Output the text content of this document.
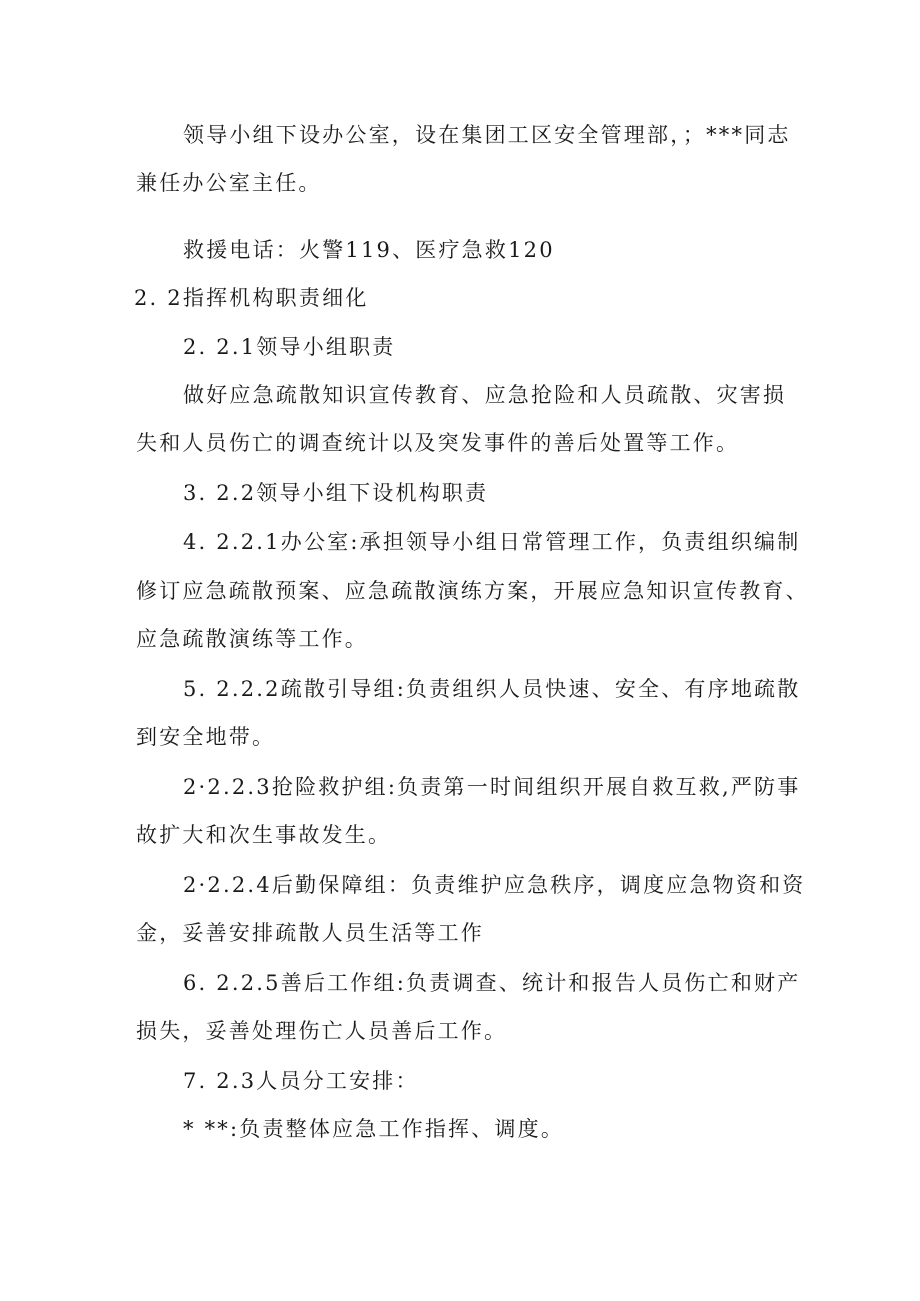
领导小组下设办公室，设在集团工区安全管理部，；***同志
兼任办公室主任。
救援电话：火警119、医疗急救120
2. 2指挥机构职责细化
2. 2.1领导小组职责
做好应急疏散知识宣传教育、应急抢险和人员疏散、灾害损
失和人员伤亡的调查统计以及突发事件的善后处置等工作。
3. 2.2领导小组下设机构职责
4. 2.2.1办公室:承担领导小组日常管理工作，负责组织编制
修订应急疏散预案、应急疏散演练方案，开展应急知识宣传教育、
应急疏散演练等工作。
5. 2.2.2疏散引导组:负责组织人员快速、安全、有序地疏散
到安全地带。
2·2.2.3抢险救护组:负责第一时间组织开展自救互救,严防事
故扩大和次生事故发生。
2·2.2.4后勤保障组：负责维护应急秩序，调度应急物资和资
金，妥善安排疏散人员生活等工作
6. 2.2.5善后工作组:负责调查、统计和报告人员伤亡和财产
损失，妥善处理伤亡人员善后工作。
7. 2.3人员分工安排：
* **:负责整体应急工作指挥、调度。
